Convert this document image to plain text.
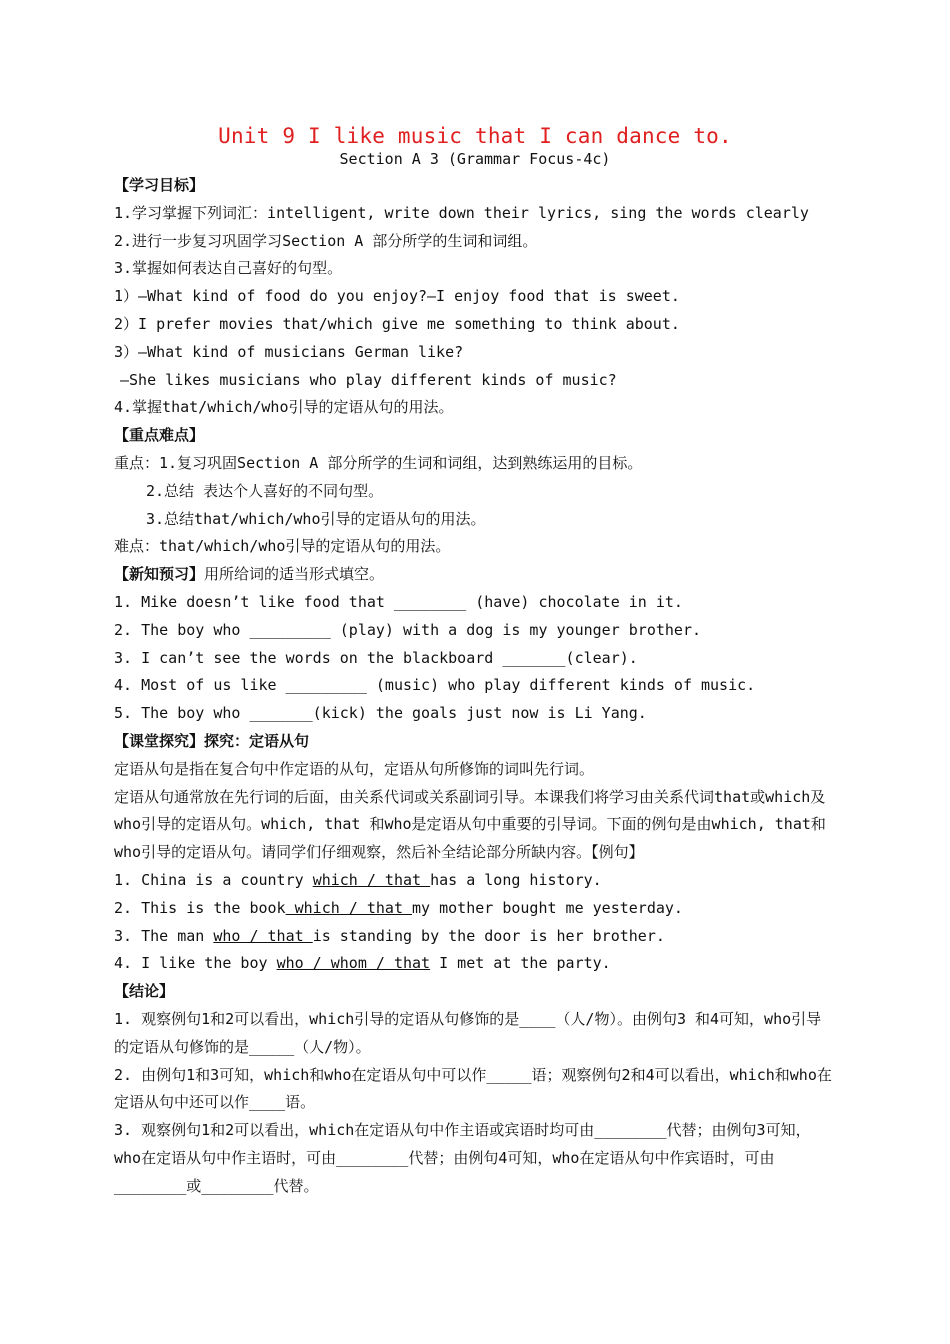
Unit 9 I like music that I can dance to.
Section A 3 (Grammar Focus-4c)
【学习目标】
1.学习掌握下列词汇：intelligent, write down their lyrics, sing the words clearly
2.进行一步复习巩固学习Section A 部分所学的生词和词组。
3.掌握如何表达自己喜好的句型。
1）—What kind of food do you enjoy?—I enjoy food that is sweet.
2）I prefer movies that/which give me something to think about.
3）—What kind of musicians German like?
—She likes musicians who play different kinds of music?
4.掌握that/which/who引导的定语从句的用法。
【重点难点】
重点：1.复习巩固Section A 部分所学的生词和词组，达到熟练运用的目标。
2.总结 表达个人喜好的不同句型。
3.总结that/which/who引导的定语从句的用法。
难点：that/which/who引导的定语从句的用法。
【新知预习】用所给词的适当形式填空。
1. Mike doesn’t like food that ________ (have) chocolate in it.
2. The boy who _________ (play) with a dog is my younger brother.
3. I can’t see the words on the blackboard _______(clear).
4. Most of us like _________ (music) who play different kinds of music.
5. The boy who _______(kick) the goals just now is Li Yang.
【课堂探究】探究：定语从句
定语从句是指在复合句中作定语的从句，定语从句所修饰的词叫先行词。
定语从句通常放在先行词的后面，由关系代词或关系副词引导。本课我们将学习由关系代词that或which及who引导的定语从句。which, that 和who是定语从句中重要的引导词。下面的例句是由which, that和who引导的定语从句。请同学们仔细观察，然后补全结论部分所缺内容。【例句】
1. China is a country which / that has a long history.
2. This is the book which / that my mother bought me yesterday.
3. The man who / that is standing by the door is her brother.
4. I like the boy who / whom / that I met at the party.
【结论】
1. 观察例句1和2可以看出，which引导的定语从句修饰的是____（人/物）。由例句3 和4可知，who引导的定语从句修饰的是_____（人/物）。
2. 由例句1和3可知，which和who在定语从句中可以作_____语；观察例句2和4可以看出，which和who在定语从句中还可以作____语。
3. 观察例句1和2可以看出，which在定语从句中作主语或宾语时均可由________代替；由例句3可知，who在定语从句中作主语时，可由________代替；由例句4可知，who在定语从句中作宾语时，可由________或________代替。
